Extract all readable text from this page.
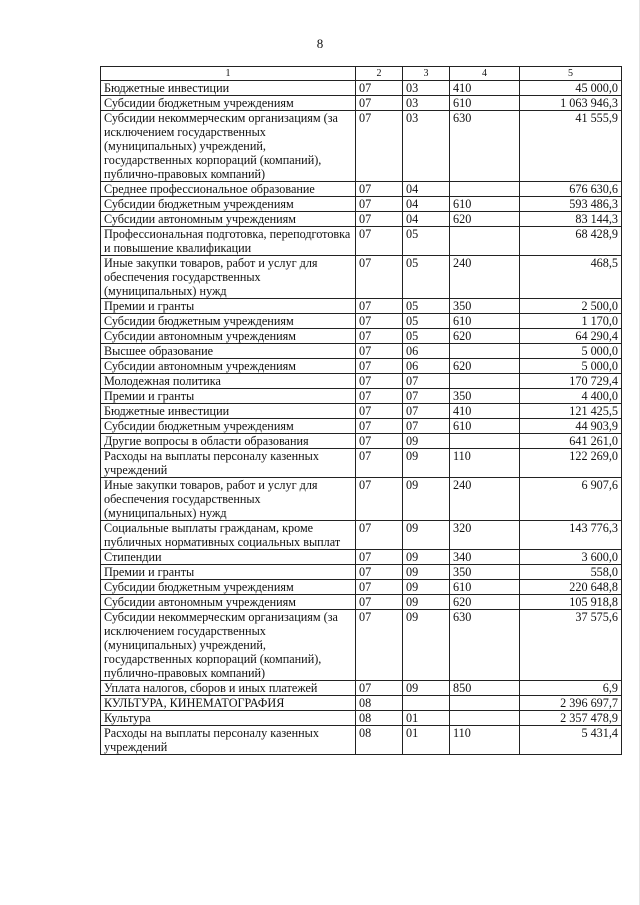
8
1	2	3	4	5
Бюджетные инвестиции	07	03	410	45 000,0
Субсидии бюджетным учреждениям	07	03	610	1 063 946,3
Субсидии некоммерческим организациям (за исключением государственных (муниципальных) учреждений, государственных корпораций (компаний), публично-правовых компаний)	07	03	630	41 555,9
Среднее профессиональное образование	07	04		676 630,6
Субсидии бюджетным учреждениям	07	04	610	593 486,3
Субсидии автономным учреждениям	07	04	620	83 144,3
Профессиональная подготовка, переподготовка и повышение квалификации	07	05		68 428,9
Иные закупки товаров, работ и услуг для обеспечения государственных (муниципальных) нужд	07	05	240	468,5
Премии и гранты	07	05	350	2 500,0
Субсидии бюджетным учреждениям	07	05	610	1 170,0
Субсидии автономным учреждениям	07	05	620	64 290,4
Высшее образование	07	06		5 000,0
Субсидии автономным учреждениям	07	06	620	5 000,0
Молодежная политика	07	07		170 729,4
Премии и гранты	07	07	350	4 400,0
Бюджетные инвестиции	07	07	410	121 425,5
Субсидии бюджетным учреждениям	07	07	610	44 903,9
Другие вопросы в области образования	07	09		641 261,0
Расходы на выплаты персоналу казенных учреждений	07	09	110	122 269,0
Иные закупки товаров, работ и услуг для обеспечения государственных (муниципальных) нужд	07	09	240	6 907,6
Социальные выплаты гражданам, кроме публичных нормативных социальных выплат	07	09	320	143 776,3
Стипендии	07	09	340	3 600,0
Премии и гранты	07	09	350	558,0
Субсидии бюджетным учреждениям	07	09	610	220 648,8
Субсидии автономным учреждениям	07	09	620	105 918,8
Субсидии некоммерческим организациям (за исключением государственных (муниципальных) учреждений, государственных корпораций (компаний), публично-правовых компаний)	07	09	630	37 575,6
Уплата налогов, сборов и иных платежей	07	09	850	6,9
КУЛЬТУРА, КИНЕМАТОГРАФИЯ	08			2 396 697,7
Культура	08	01		2 357 478,9
Расходы на выплаты персоналу казенных учреждений	08	01	110	5 431,4
